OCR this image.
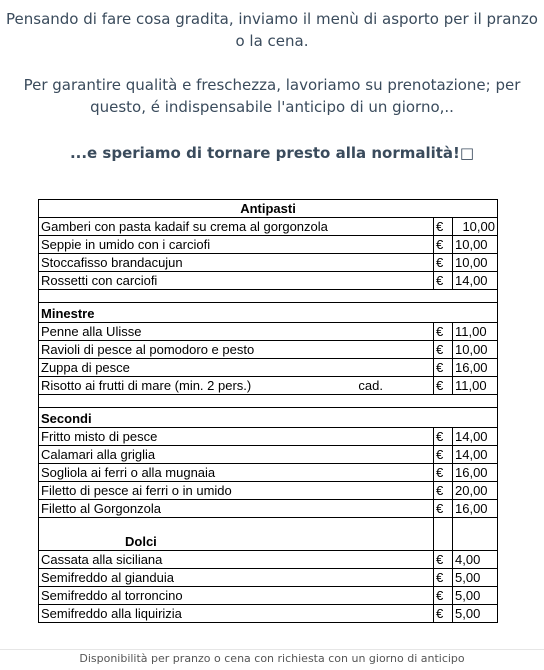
Pensando di fare cosa gradita, inviamo il menù di asporto per il pranzo o la cena.
Per garantire qualità e freschezza, lavoriamo su prenotazione; per questo, é indispensabile l'anticipo di un giorno,..
...e speriamo di tornare presto alla normalità!□
Antipasti		
Gamberi con pasta kadaif su crema al gorgonzola	€	10,00
Seppie in umido con i carciofi	€	10,00
Stoccafisso brandacujun	€	10,00
Rossetti con carciofi	€	14,00

Minestre		
Penne alla Ulisse	€	11,00
Ravioli di pesce al pomodoro e pesto	€	10,00
Zuppa di pesce	€	16,00
Risotto ai frutti di mare (min. 2 pers.) cad.	€	11,00

Secondi		
Fritto misto di pesce	€	14,00
Calamari alla griglia	€	14,00
Sogliola ai ferri o alla mugnaia	€	16,00
Filetto di pesce ai ferri o in umido	€	20,00
Filetto al Gorgonzola	€	16,00
Dolci		
Cassata alla siciliana	€	4,00
Semifreddo al gianduia	€	5,00
Semifreddo al torroncino	€	5,00
Semifreddo alla liquirizia	€	5,00
Disponibilità per pranzo o cena con richiesta con un giorno di anticipo
